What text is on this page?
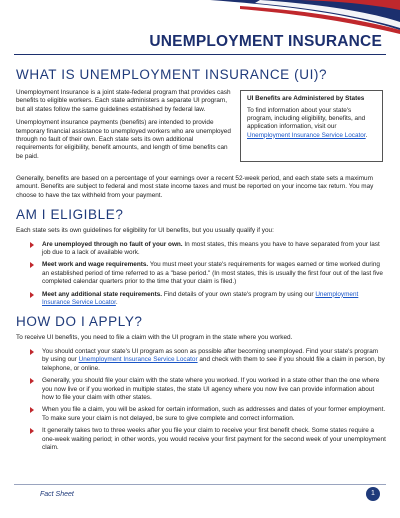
UNEMPLOYMENT INSURANCE
WHAT IS UNEMPLOYMENT INSURANCE (UI)?

Unemployment Insurance is a joint state-federal program that provides cash benefits to eligible workers. Each state administers a separate UI program, but all states follow the same guidelines established by federal law.

Unemployment insurance payments (benefits) are intended to provide temporary financial assistance to unemployed workers who are unemployed through no fault of their own. Each state sets its own additional requirements for eligibility, benefit amounts, and length of time benefits can be paid.

UI Benefits are Administered by States
To find information about your state's program, including eligibility, benefits, and application information, visit our Unemployment Insurance Service Locator.

Generally, benefits are based on a percentage of your earnings over a recent 52-week period, and each state sets a maximum amount. Benefits are subject to federal and most state income taxes and must be reported on your income tax return. You may choose to have the tax withheld from your payment.

AM I ELIGIBLE?

Each state sets its own guidelines for eligibility for UI benefits, but you usually qualify if you:

Are unemployed through no fault of your own. In most states, this means you have to have separated from your last job due to a lack of available work.
Meet work and wage requirements. You must meet your state's requirements for wages earned or time worked during an established period of time referred to as a "base period." (In most states, this is usually the first four out of the last five completed calendar quarters prior to the time that your claim is filed.)
Meet any additional state requirements. Find details of your own state's program by using our Unemployment Insurance Service Locator.
HOW DO I APPLY?

To receive UI benefits, you need to file a claim with the UI program in the state where you worked.

You should contact your state's UI program as soon as possible after becoming unemployed. Find your state's program by using our Unemployment Insurance Service Locator and check with them to see if you should file a claim in person, by telephone, or online.
Generally, you should file your claim with the state where you worked. If you worked in a state other than the one where you now live or if you worked in multiple states, the state UI agency where you now live can provide information about how to file your claim with other states.
When you file a claim, you will be asked for certain information, such as addresses and dates of your former employment. To make sure your claim is not delayed, be sure to give complete and correct information.
It generally takes two to three weeks after you file your claim to receive your first benefit check. Some states require a one-week waiting period; in other words, you would receive your first payment for the second week of your unemployment claim.
Fact Sheet	1
